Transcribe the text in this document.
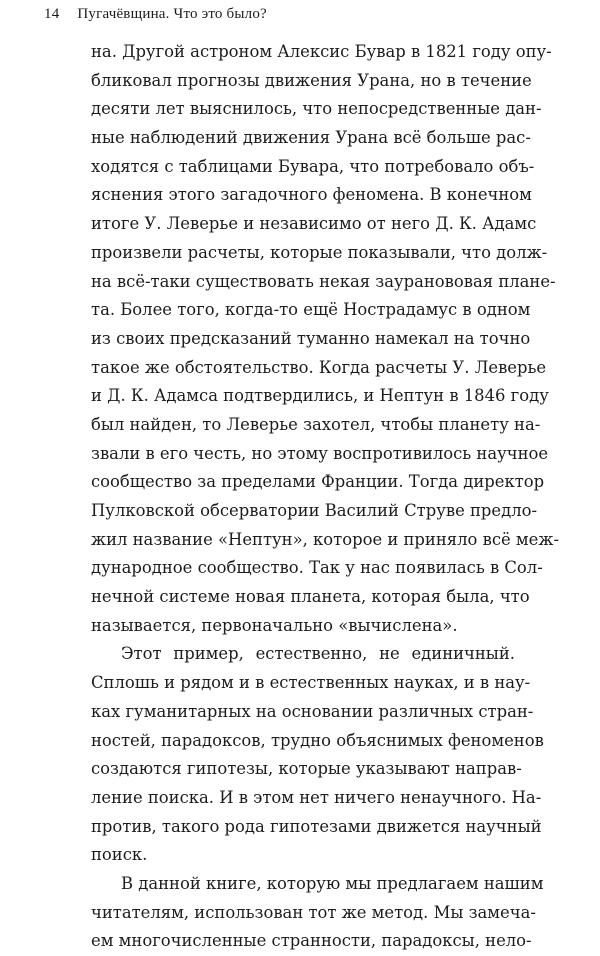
14 Пугачёвщина. Что это было?
на. Другой астроном Алексис Бувар в 1821 году опу-
бликовал прогнозы движения Урана, но в течение
десяти лет выяснилось, что непосредственные дан-
ные наблюдений движения Урана всё больше рас-
ходятся с таблицами Бувара, что потребовало объ-
яснения этого загадочного феномена. В конечном
итоге У. Леверье и независимо от него Д. К. Адамс
произвели расчеты, которые показывали, что долж-
на всё-таки существовать некая зауранововая плане-
та. Более того, когда-то ещё Нострадамус в одном
из своих предсказаний туманно намекал на точно
такое же обстоятельство. Когда расчеты У. Леверье
и Д. К. Адамса подтвердились, и Нептун в 1846 году
был найден, то Леверье захотел, чтобы планету на-
звали в его честь, но этому воспротивилось научное
сообщество за пределами Франции. Тогда директор
Пулковской обсерватории Василий Струве предло-
жил название «Нептун», которое и приняло всё меж-
дународное сообщество. Так у нас появилась в Сол-
нечной системе новая планета, которая была, что
называется, первоначально «вычислена».
Этот пример, естественно, не единичный.
Сплошь и рядом и в естественных науках, и в нау-
ках гуманитарных на основании различных стран-
ностей, парадоксов, трудно объяснимых феноменов
создаются гипотезы, которые указывают направ-
ление поиска. И в этом нет ничего ненаучного. На-
против, такого рода гипотезами движется научный
поиск.
В данной книге, которую мы предлагаем нашим
читателям, использован тот же метод. Мы замеча-
ем многочисленные странности, парадоксы, нело-
